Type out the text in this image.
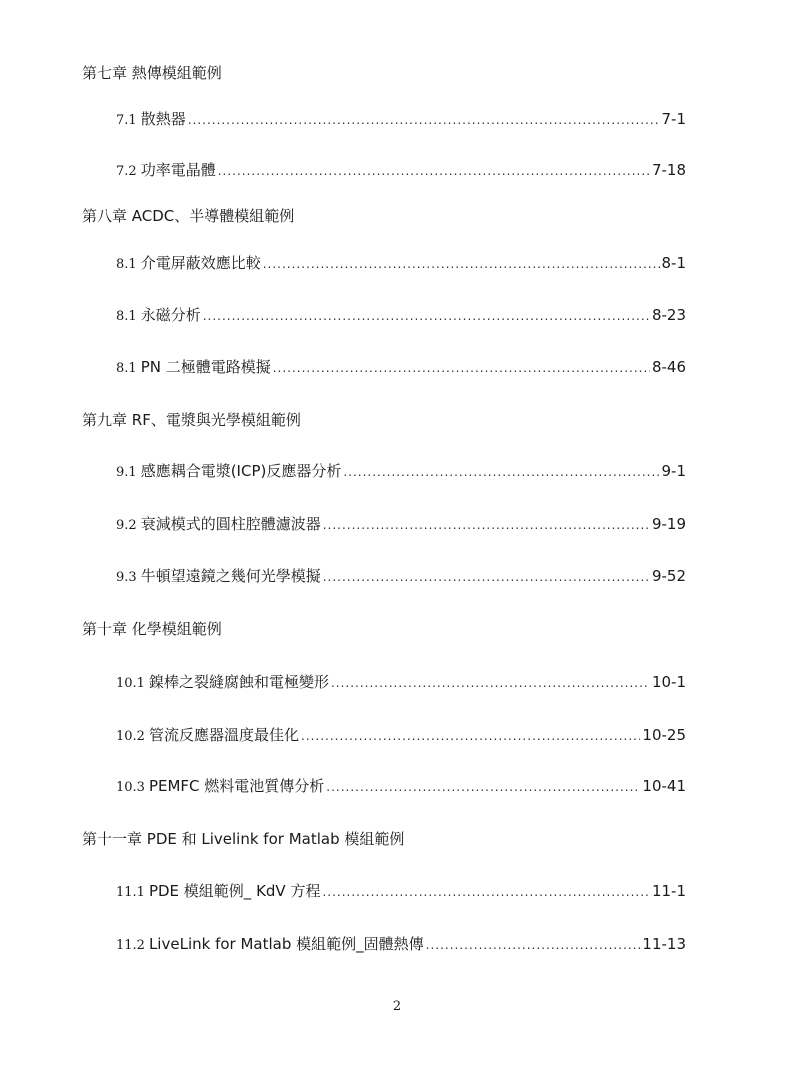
第七章 熱傳模組範例
7.1 散熱器 .....	7-1
7.2 功率電晶體 .....	7-18
第八章 ACDC、半導體模組範例
8.1 介電屏蔽效應比較 .....	8-1
8.1 永磁分析 .....	8-23
8.1 PN 二極體電路模擬 .....	8-46
第九章 RF、電漿與光學模組範例
9.1 感應耦合電漿(ICP)反應器分析 .....	9-1
9.2 衰減模式的圓柱腔體濾波器 .....	9-19
9.3 牛頓望遠鏡之幾何光學模擬 .....	9-52
第十章 化學模組範例
10.1 鎳棒之裂縫腐蝕和電極變形 .....	10-1
10.2 管流反應器溫度最佳化 .....	10-25
10.3 PEMFC 燃料電池質傳分析 .....	10-41
第十一章 PDE 和 Livelink for Matlab 模組範例
11.1 PDE 模組範例_ KdV 方程 .....	11-1
11.2 LiveLink for Matlab 模組範例_固體熱傳 .....	11-13
2
